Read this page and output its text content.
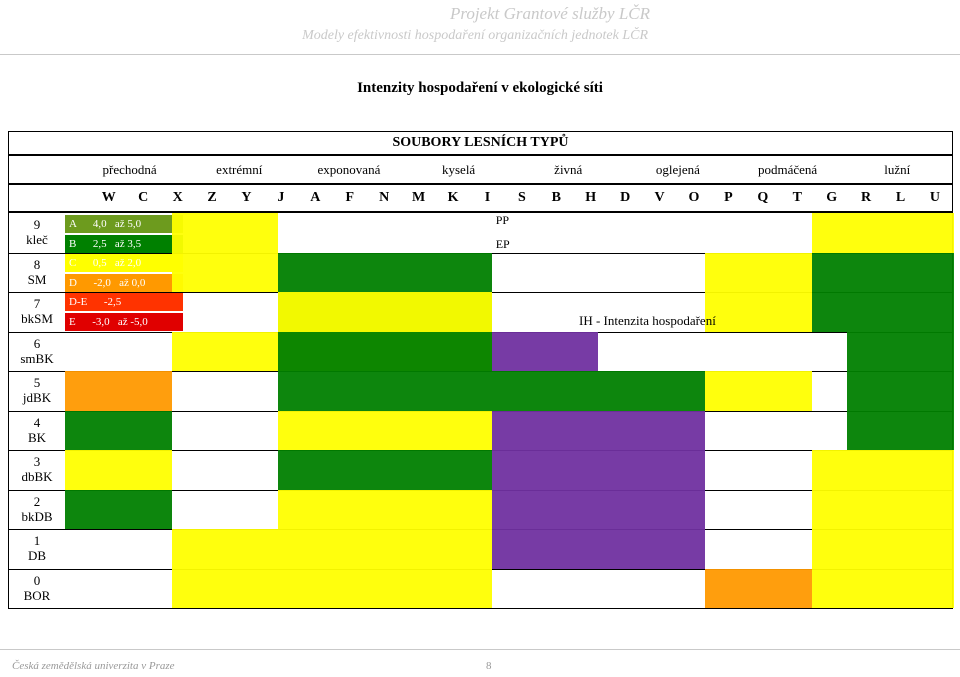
Projekt Grantové služby LČR
Modely efektivnosti hospodaření organizačních jednotek LČR
Intenzity hospodaření v ekologické síti
SOUBORY LESNÍCH TYPŮ
přechodná	extrémní	exponovaná	kyselá	živná	oglejená	podmáčená	lužní
W	C	X	Z	Y	J	A	F	N	M	K	I	S	B	H	D	V	O	P	Q	T	G	R	L	U
9
kleč
8
SM
7
bkSM
6
smBK
5
jdBK
4
BK
3
dbBK
2
bkDB
1
DB
0
BOR
A      4,0   až 5,0
B      2,5   až 3,5
C      0,5   až 2,0
D      -2,0   až 0,0
D-E      -2,5
E      -3,0   až -5,0
PP
EP
IH - Intenzita hospodaření
Česká zemědělská univerzita v Praze	8
